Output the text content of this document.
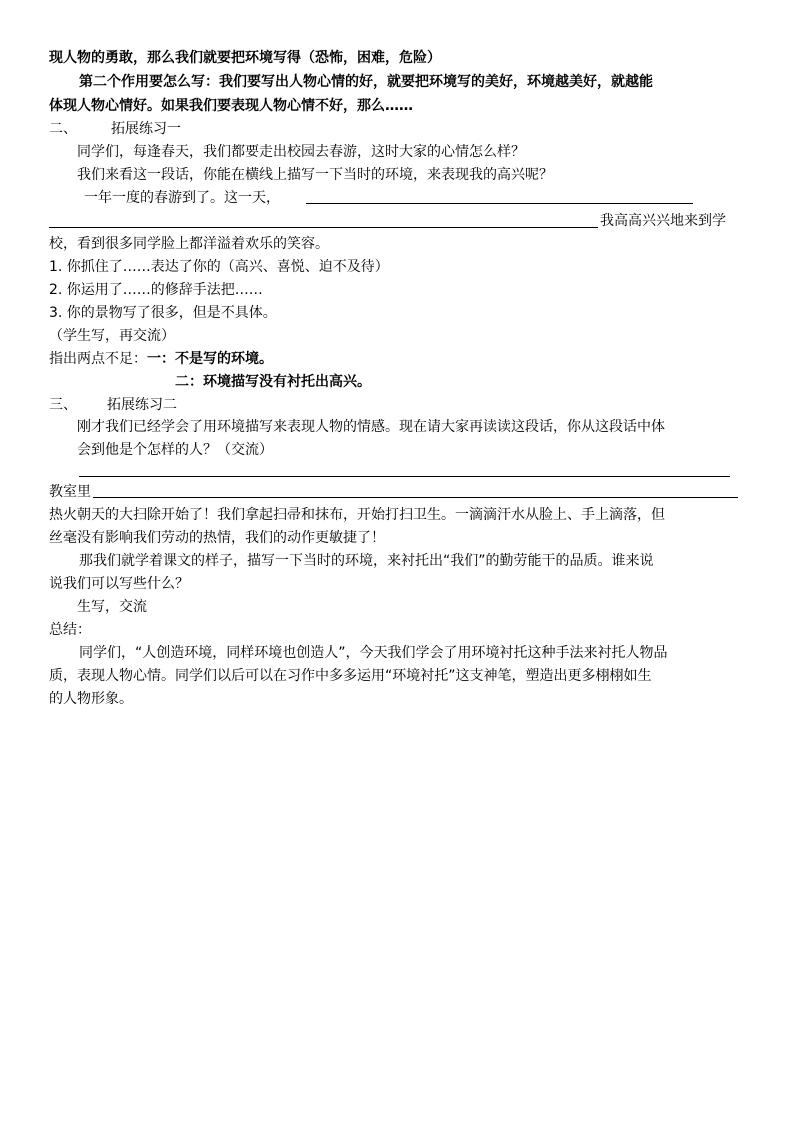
现人物的勇敢，那么我们就要把环境写得（恐怖，困难，危险）
第二个作用要怎么写：我们要写出人物心情的好，就要把环境写的美好，环境越美好，就越能
体现人物心情好。如果我们要表现人物心情不好，那么……
二、 拓展练习一
同学们，每逢春天，我们都要走出校园去春游，这时大家的心情怎么样？
我们来看这一段话，你能在横线上描写一下当时的环境，来表现我的高兴呢？
一年一度的春游到了。这一天，
我高高兴兴地来到学
校，看到很多同学脸上都洋溢着欢乐的笑容。
1. 你抓住了……表达了你的（高兴、喜悦、迫不及待）
2. 你运用了……的修辞手法把……
3. 你的景物写了很多，但是不具体。
（学生写，再交流）
指出两点不足：一：不是写的环境。
二：环境描写没有衬托出高兴。
三、 拓展练习二
刚才我们已经学会了用环境描写来表现人物的情感。现在请大家再读读这段话，你从这段话中体
会到他是个怎样的人？（交流）
教室里
热火朝天的大扫除开始了！我们拿起扫帚和抹布，开始打扫卫生。一滴滴汗水从脸上、手上滴落，但
丝毫没有影响我们劳动的热情，我们的动作更敏捷了！
那我们就学着课文的样子，描写一下当时的环境，来衬托出“我们”的勤劳能干的品质。谁来说
说我们可以写些什么？
生写，交流
总结：
同学们，“人创造环境，同样环境也创造人”，今天我们学会了用环境衬托这种手法来衬托人物品
质，表现人物心情。同学们以后可以在习作中多多运用“环境衬托”这支神笔，塑造出更多栩栩如生
的人物形象。
